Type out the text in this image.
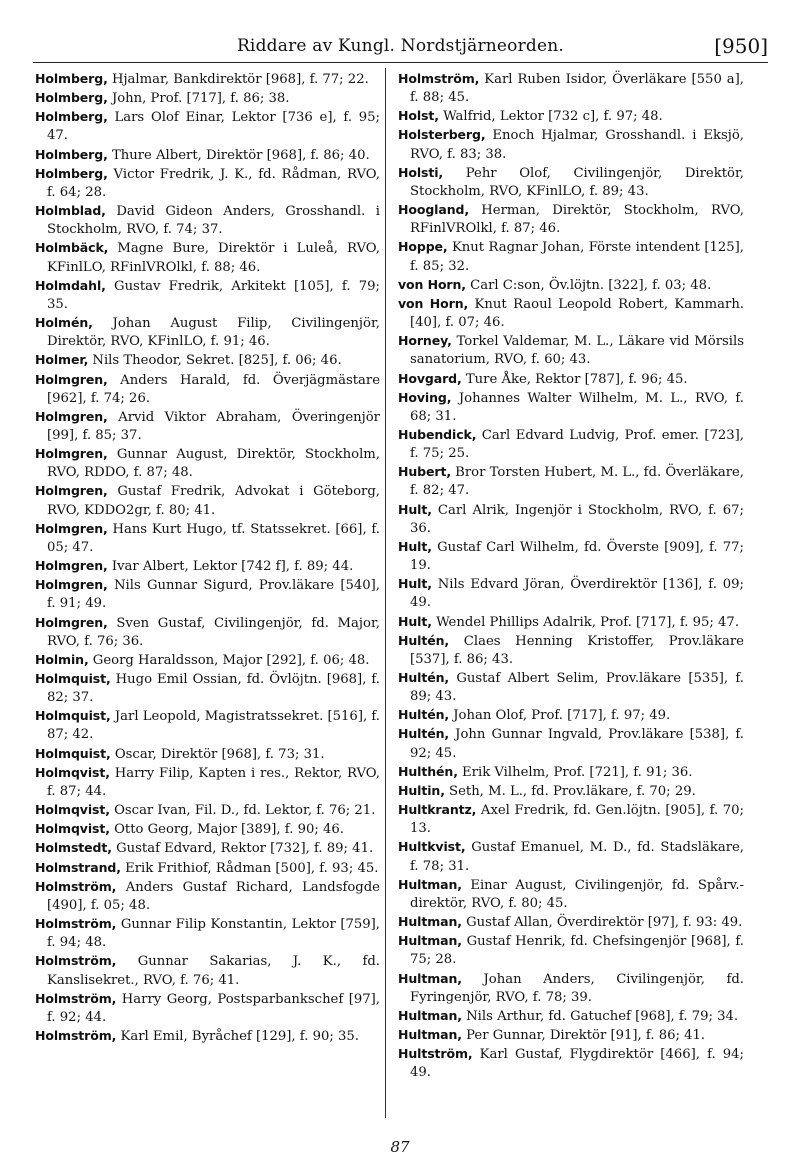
Riddare av Kungl. Nordstjärneorden.	[950]

Holmberg, Hjalmar, Bankdirektör [968], f. 77; 22.

Holmberg, John, Prof. [717], f. 86; 38.

Holmberg, Lars Olof Einar, Lektor [736 e], f. 95; 47.

Holmberg, Thure Albert, Direktör [968], f. 86; 40.

Holmberg, Victor Fredrik, J. K., fd. Rådman, RVO, f. 64; 28.

Holmblad, David Gideon Anders, Grosshandl. i Stockholm, RVO, f. 74; 37.

Holmbäck, Magne Bure, Direktör i Luleå, RVO, KFinlLO, RFinlVROlkl, f. 88; 46.

Holmdahl, Gustav Fredrik, Arkitekt [105], f. 79; 35.

Holmén, Johan August Filip, Civilingenjör, Direktör, RVO, KFinlLO, f. 91; 46.

Holmer, Nils Theodor, Sekret. [825], f. 06; 46.

Holmgren, Anders Harald, fd. Överjägmästare [962], f. 74; 26.

Holmgren, Arvid Viktor Abraham, Överingenjör [99], f. 85; 37.

Holmgren, Gunnar August, Direktör, Stockholm, RVO, RDDO, f. 87; 48.

Holmgren, Gustaf Fredrik, Advokat i Göteborg, RVO, KDDO2gr, f. 80; 41.

Holmgren, Hans Kurt Hugo, tf. Statssekret. [66], f. 05; 47.

Holmgren, Ivar Albert, Lektor [742 f], f. 89; 44.

Holmgren, Nils Gunnar Sigurd, Prov.läkare [540], f. 91; 49.

Holmgren, Sven Gustaf, Civilingenjör, fd. Major, RVO, f. 76; 36.

Holmin, Georg Haraldsson, Major [292], f. 06; 48.

Holmquist, Hugo Emil Ossian, fd. Övlöjtn. [968], f. 82; 37.

Holmquist, Jarl Leopold, Magistratssekret. [516], f. 87; 42.

Holmquist, Oscar, Direktör [968], f. 73; 31.

Holmqvist, Harry Filip, Kapten i res., Rektor, RVO, f. 87; 44.

Holmqvist, Oscar Ivan, Fil. D., fd. Lektor, f. 76; 21.

Holmqvist, Otto Georg, Major [389], f. 90; 46.

Holmstedt, Gustaf Edvard, Rektor [732], f. 89; 41.

Holmstrand, Erik Frithiof, Rådman [500], f. 93; 45.

Holmström, Anders Gustaf Richard, Landsfogde [490], f. 05; 48.

Holmström, Gunnar Filip Konstantin, Lektor [759], f. 94; 48.

Holmström, Gunnar Sakarias, J. K., fd. Kanslisekret., RVO, f. 76; 41.

Holmström, Harry Georg, Postsparbankschef [97], f. 92; 44.

Holmström, Karl Emil, Byråchef [129], f. 90; 35.

Holmström, Karl Ruben Isidor, Överläkare [550 a], f. 88; 45.

Holst, Walfrid, Lektor [732 c], f. 97; 48.

Holsterberg, Enoch Hjalmar, Grosshandl. i Eksjö, RVO, f. 83; 38.

Holsti, Pehr Olof, Civilingenjör, Direktör, Stockholm, RVO, KFinlLO, f. 89; 43.

Hoogland, Herman, Direktör, Stockholm, RVO, RFinlVROlkl, f. 87; 46.

Hoppe, Knut Ragnar Johan, Förste intendent [125], f. 85; 32.

von Horn, Carl C:son, Öv.löjtn. [322], f. 03; 48.

von Horn, Knut Raoul Leopold Robert, Kammarh. [40], f. 07; 46.

Horney, Torkel Valdemar, M. L., Läkare vid Mörsils sanatorium, RVO, f. 60; 43.

Hovgard, Ture Åke, Rektor [787], f. 96; 45.

Hoving, Johannes Walter Wilhelm, M. L., RVO, f. 68; 31.

Hubendick, Carl Edvard Ludvig, Prof. emer. [723], f. 75; 25.

Hubert, Bror Torsten Hubert, M. L., fd. Överläkare, f. 82; 47.

Hult, Carl Alrik, Ingenjör i Stockholm, RVO, f. 67; 36.

Hult, Gustaf Carl Wilhelm, fd. Överste [909], f. 77; 19.

Hult, Nils Edvard Jöran, Överdirektör [136], f. 09; 49.

Hult, Wendel Phillips Adalrik, Prof. [717], f. 95; 47.

Hultén, Claes Henning Kristoffer, Prov.läkare [537], f. 86; 43.

Hultén, Gustaf Albert Selim, Prov.läkare [535], f. 89; 43.

Hultén, Johan Olof, Prof. [717], f. 97; 49.

Hultén, John Gunnar Ingvald, Prov.läkare [538], f. 92; 45.

Hulthén, Erik Vilhelm, Prof. [721], f. 91; 36.

Hultin, Seth, M. L., fd. Prov.läkare, f. 70; 29.

Hultkrantz, Axel Fredrik, fd. Gen.löjtn. [905], f. 70; 13.

Hultkvist, Gustaf Emanuel, M. D., fd. Stadsläkare, f. 78; 31.

Hultman, Einar August, Civilingenjör, fd. Spårv.-direktör, RVO, f. 80; 45.

Hultman, Gustaf Allan, Överdirektör [97], f. 93: 49.

Hultman, Gustaf Henrik, fd. Chefsingenjör [968], f. 75; 28.

Hultman, Johan Anders, Civilingenjör, fd. Fyringenjör, RVO, f. 78; 39.

Hultman, Nils Arthur, fd. Gatuchef [968], f. 79; 34.

Hultman, Per Gunnar, Direktör [91], f. 86; 41.

Hultström, Karl Gustaf, Flygdirektör [466], f. 94; 49.

87
